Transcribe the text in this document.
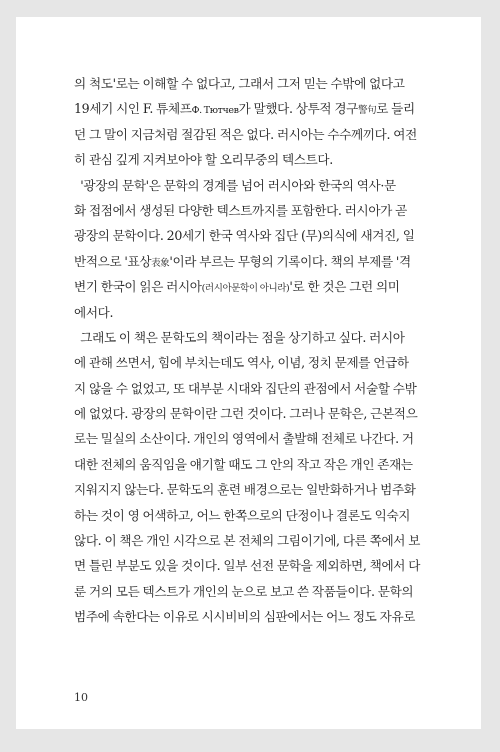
의 척도'로는 이해할 수 없다고, 그래서 그저 믿는 수밖에 없다고
19세기 시인 F. 튜체프Ф. Тютчев가 말했다. 상투적 경구警句로 들리
던 그 말이 지금처럼 절감된 적은 없다. 러시아는 수수께끼다. 여전
히 관심 깊게 지켜보아야 할 오리무중의 텍스트다.
'광장의 문학'은 문학의 경계를 넘어 러시아와 한국의 역사·문
화 접점에서 생성된 다양한 텍스트까지를 포함한다. 러시아가 곧
광장의 문학이다. 20세기 한국 역사와 집단 (무)의식에 새겨진, 일
반적으로 '표상表象'이라 부르는 무형의 기록이다. 책의 부제를 '격
변기 한국이 읽은 러시아(러시아문학이 아니라)'로 한 것은 그런 의미
에서다.
그래도 이 책은 문학도의 책이라는 점을 상기하고 싶다. 러시아
에 관해 쓰면서, 힘에 부치는데도 역사, 이념, 정치 문제를 언급하
지 않을 수 없었고, 또 대부분 시대와 집단의 관점에서 서술할 수밖
에 없었다. 광장의 문학이란 그런 것이다. 그러나 문학은, 근본적으
로는 밀실의 소산이다. 개인의 영역에서 출발해 전체로 나간다. 거
대한 전체의 움직임을 얘기할 때도 그 안의 작고 작은 개인 존재는
지워지지 않는다. 문학도의 훈련 배경으로는 일반화하거나 범주화
하는 것이 영 어색하고, 어느 한쪽으로의 단정이나 결론도 익숙지
않다. 이 책은 개인 시각으로 본 전체의 그림이기에, 다른 쪽에서 보
면 틀린 부분도 있을 것이다. 일부 선전 문학을 제외하면, 책에서 다
룬 거의 모든 텍스트가 개인의 눈으로 보고 쓴 작품들이다. 문학의
범주에 속한다는 이유로 시시비비의 심판에서는 어느 정도 자유로
10
